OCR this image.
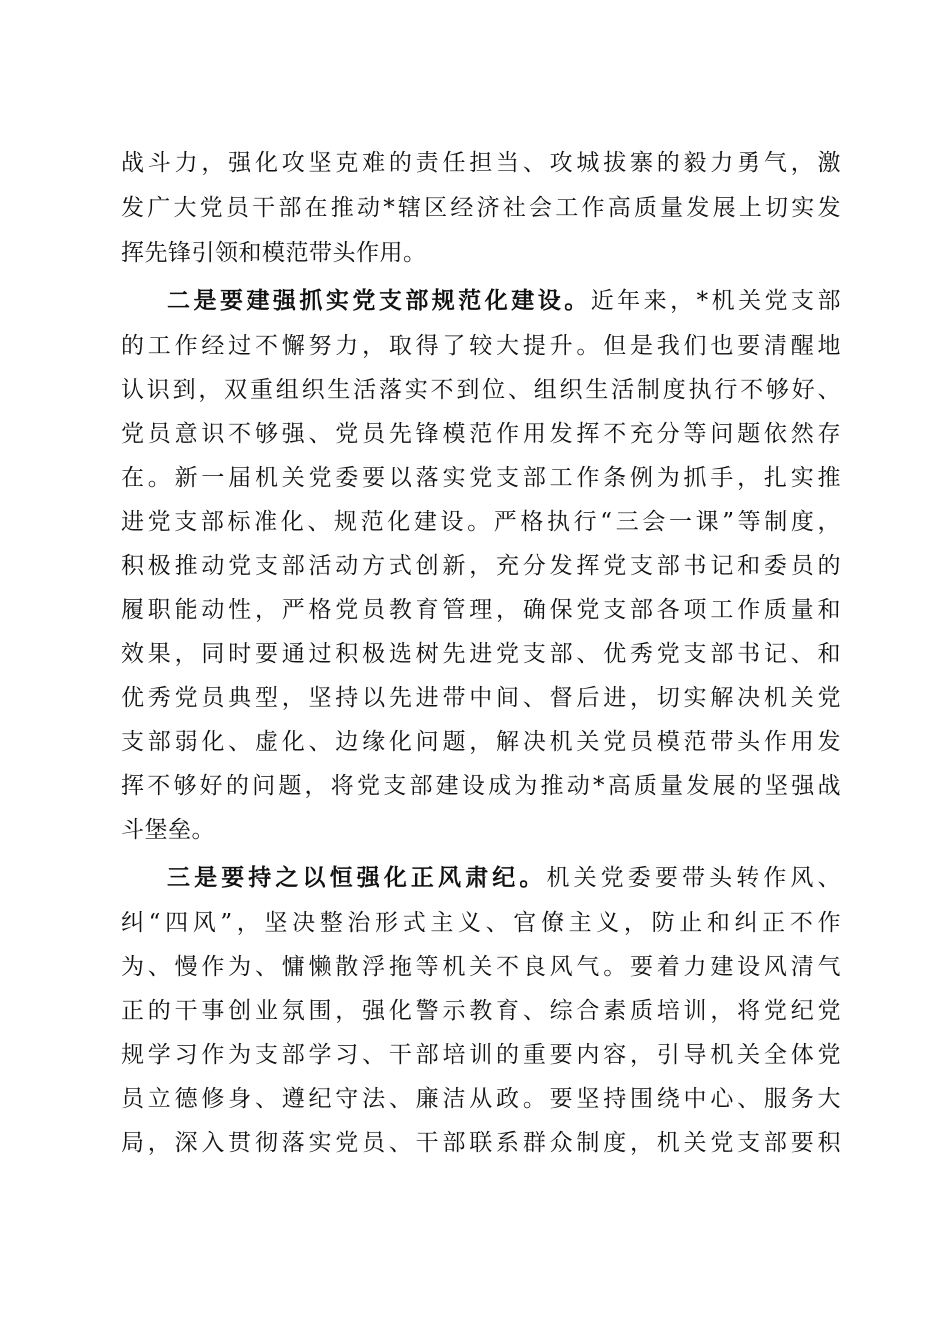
战斗力，强化攻坚克难的责任担当、攻城拔寨的毅力勇气，激
发广大党员干部在推动*辖区经济社会工作高质量发展上切实发
挥先锋引领和模范带头作用。
二是要建强抓实党支部规范化建设。近年来，*机关党支部
的工作经过不懈努力，取得了较大提升。但是我们也要清醒地
认识到，双重组织生活落实不到位、组织生活制度执行不够好、
党员意识不够强、党员先锋模范作用发挥不充分等问题依然存
在。新一届机关党委要以落实党支部工作条例为抓手，扎实推
进党支部标准化、规范化建设。严格执行“三会一课”等制度，
积极推动党支部活动方式创新，充分发挥党支部书记和委员的
履职能动性，严格党员教育管理，确保党支部各项工作质量和
效果，同时要通过积极选树先进党支部、优秀党支部书记、和
优秀党员典型，坚持以先进带中间、督后进，切实解决机关党
支部弱化、虚化、边缘化问题，解决机关党员模范带头作用发
挥不够好的问题，将党支部建设成为推动*高质量发展的坚强战
斗堡垒。
三是要持之以恒强化正风肃纪。机关党委要带头转作风、
纠“四风”，坚决整治形式主义、官僚主义，防止和纠正不作
为、慢作为、慵懒散浮拖等机关不良风气。要着力建设风清气
正的干事创业氛围，强化警示教育、综合素质培训，将党纪党
规学习作为支部学习、干部培训的重要内容，引导机关全体党
员立德修身、遵纪守法、廉洁从政。要坚持围绕中心、服务大
局，深入贯彻落实党员、干部联系群众制度，机关党支部要积
